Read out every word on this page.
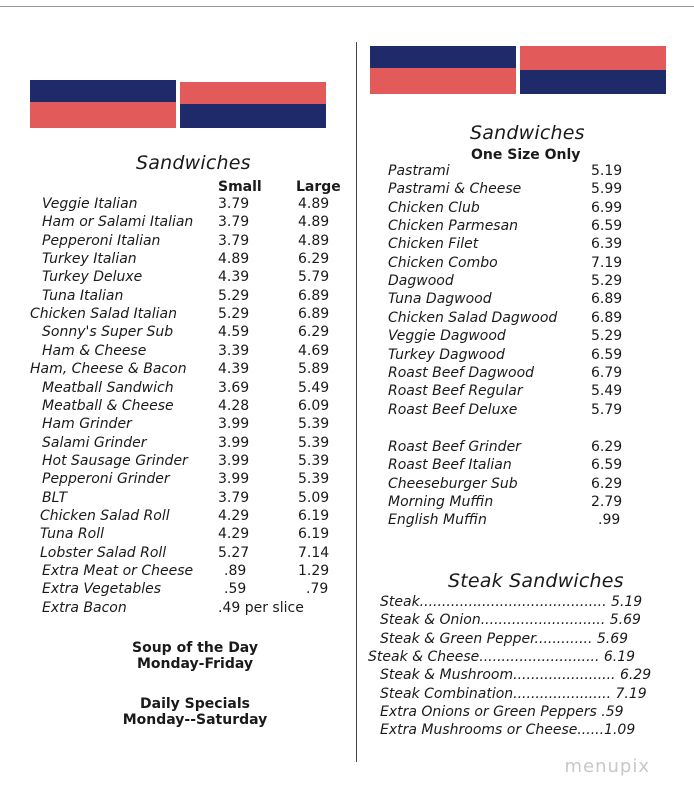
Sandwiches
Small Large
Veggie Italian	3.79	4.89
Ham or Salami Italian 3.79	4.89
Pepperoni Italian	3.79	4.89
Turkey Italian	4.89	6.29
Turkey Deluxe	4.39	5.79
Tuna Italian	5.29	6.89
Chicken Salad Italian	5.29	6.89
Sonny's Super Sub	4.59	6.29
Ham & Cheese	3.39	4.69
Ham, Cheese & Bacon 4.39	5.89
Meatball Sandwich	3.69	5.49
Meatball & Cheese	4.28	6.09
Ham Grinder	3.99	5.39
Salami Grinder	3.99	5.39
Hot Sausage Grinder 3.99	5.39
Pepperoni Grinder	3.99	5.39
BLT	3.79	5.09
Chicken Salad Roll	4.29	6.19
Tuna Roll	4.29	6.19
Lobster Salad Roll	5.27	7.14
Extra Meat or Cheese .89	1.29
Extra Vegetables	.59	.79
Extra Bacon	.49 per slice
Soup of the Day
Monday-Friday
Daily Specials
Monday--Saturday
Sandwiches
One Size Only
Pastrami	5.19
Pastrami & Cheese	5.99
Chicken Club	6.99
Chicken Parmesan	6.59
Chicken Filet	6.39
Chicken Combo	7.19
Dagwood	5.29
Tuna Dagwood	6.89
Chicken Salad Dagwood 6.89
Veggie Dagwood	5.29
Turkey Dagwood	6.59
Roast Beef Dagwood	6.79
Roast Beef Regular	5.49
Roast Beef Deluxe	5.79
Roast Beef Grinder	6.29
Roast Beef Italian	6.59
Cheeseburger Sub	6.29
Morning Muffin	2.79
English Muffin	.99
Steak Sandwiches
Steak.......................................... 5.19
Steak & Onion............................ 5.69
Steak & Green Pepper............. 5.69
Steak & Cheese........................... 6.19
Steak & Mushroom....................... 6.29
Steak Combination...................... 7.19
Extra Onions or Green Peppers .59
Extra Mushrooms or Cheese......1.09
menupix
